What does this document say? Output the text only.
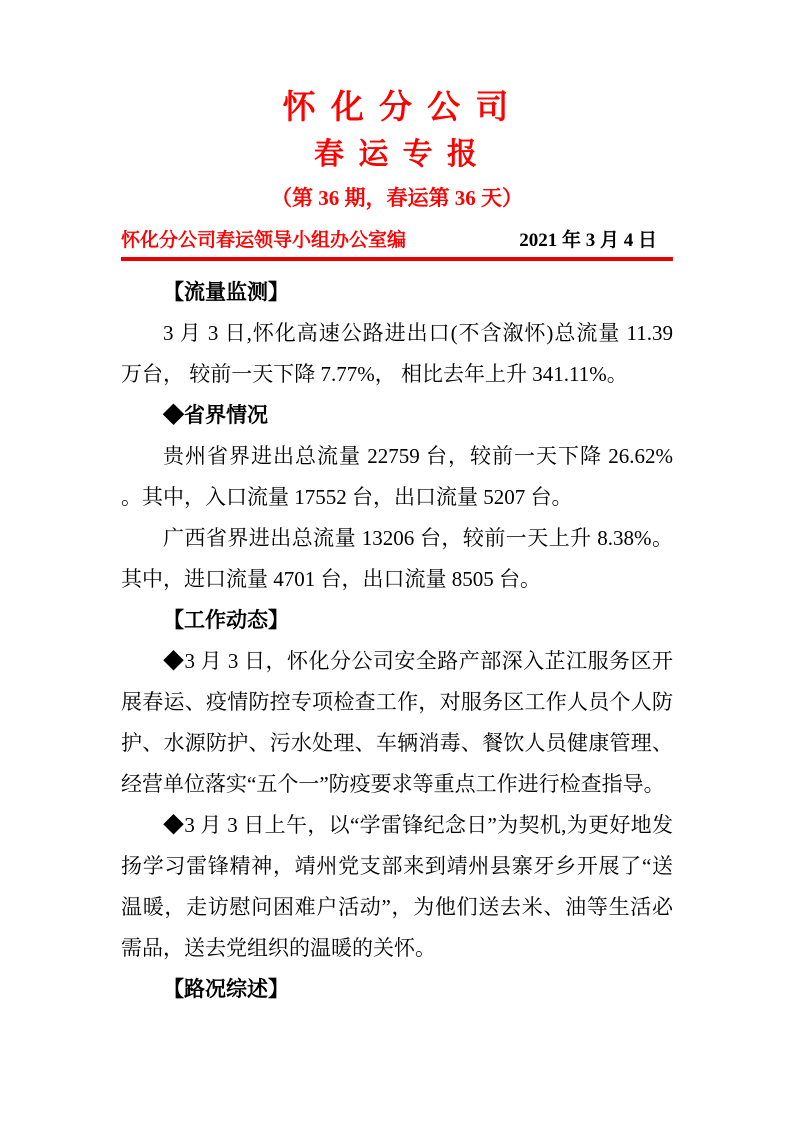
怀 化 分 公 司
春 运 专 报

（第 36 期，春运第 36 天）

怀化分公司春运领导小组办公室编	2021 年 3 月 4 日

【流量监测】

3 月 3 日,怀化高速公路进出口(不含溆怀)总流量 11.39 万台， 较前一天下降 7.77%， 相比去年上升 341.11%。

◆省界情况

贵州省界进出总流量 22759 台，较前一天下降 26.62% 。其中，入口流量 17552 台，出口流量 5207 台。

广西省界进出总流量 13206 台，较前一天上升 8.38%。其中，进口流量 4701 台，出口流量 8505 台。

【工作动态】

◆3 月 3 日，怀化分公司安全路产部深入芷江服务区开展春运、疫情防控专项检查工作，对服务区工作人员个人防护、水源防护、污水处理、车辆消毒、餐饮人员健康管理、经营单位落实“五个一”防疫要求等重点工作进行检查指导。

◆3 月 3 日上午，以“学雷锋纪念日”为契机,为更好地发扬学习雷锋精神，靖州党支部来到靖州县寨牙乡开展了“送温暖，走访慰问困难户活动”，为他们送去米、油等生活必需品，送去党组织的温暖的关怀。

【路况综述】
